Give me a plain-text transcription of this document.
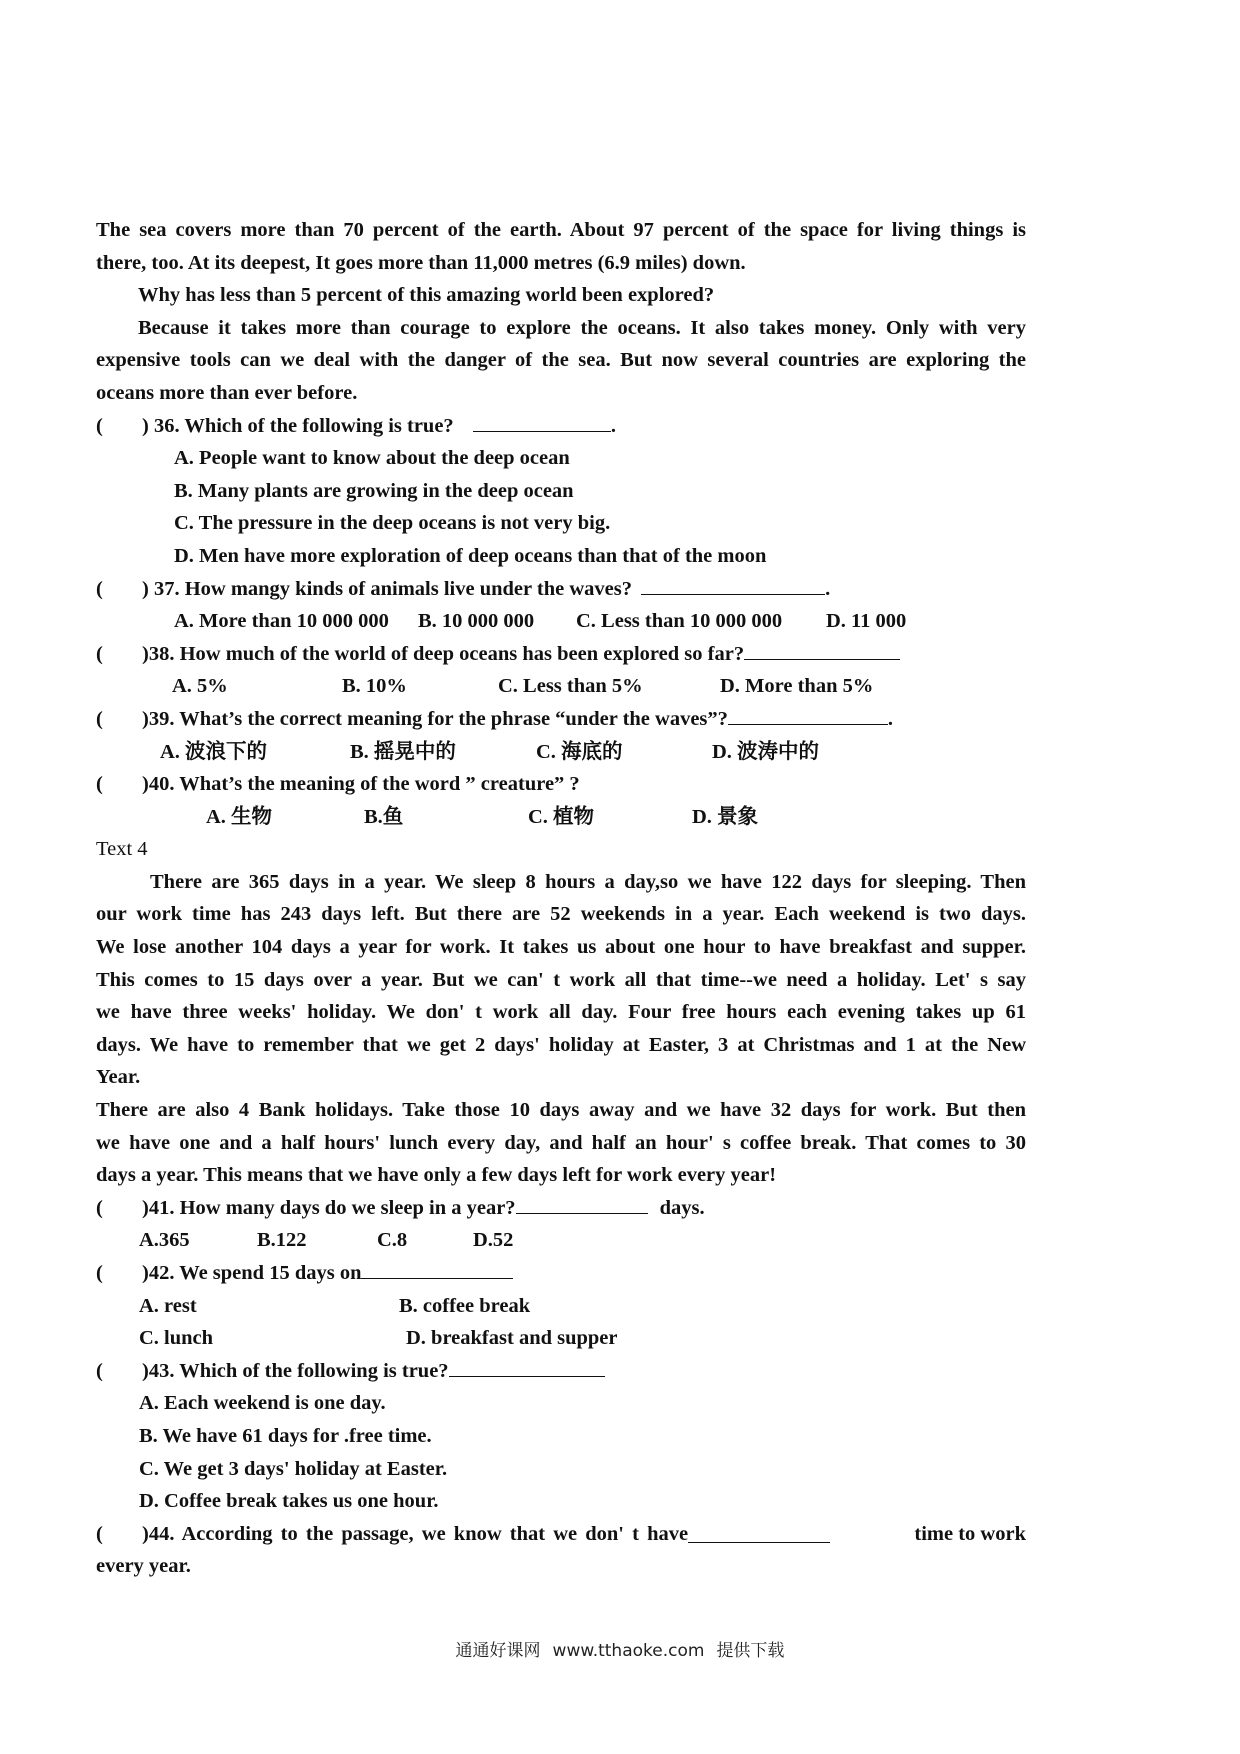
The sea covers more than 70 percent of the earth. About 97 percent of the space for living things is
there, too. At its deepest, It goes more than 11,000 metres (6.9 miles) down.
Why has less than 5 percent of this amazing world been explored?
Because it takes more than courage to explore the oceans. It also takes money. Only with very
expensive tools can we deal with the danger of the sea. But now several countries are exploring the
oceans more than ever before.
( ) 36. Which of the following is true?	.
A. People want to know about the deep ocean
B. Many plants are growing in the deep ocean
C. The pressure in the deep oceans is not very big.
D. Men have more exploration of deep oceans than that of the moon
( ) 37. How mangy kinds of animals live under the waves?	.
A. More than 10 000 000	B. 10 000 000	C. Less than 10 000 000	D. 11 000
( )38. How much of the world of deep oceans has been explored so far?
A. 5%	B. 10%	C. Less than 5%	D. More than 5%
( )39. What’s the correct meaning for the phrase “under the waves”?	.
A. 波浪下的	B. 摇晃中的	C. 海底的	D. 波涛中的
( )40. What’s the meaning of the word ” creature” ?
A. 生物	B.鱼	C. 植物	D. 景象
Text 4
There are 365 days in a year. We sleep 8 hours a day,so we have 122 days for sleeping. Then
our work time has 243 days left. But there are 52 weekends in a year. Each weekend is two days.
We lose another 104 days a year for work. It takes us about one hour to have breakfast and supper.
This comes to 15 days over a year. But we can' t work all that time--we need a holiday. Let' s say
we have three weeks' holiday. We don' t work all day. Four free hours each evening takes up 61
days. We have to remember that we get 2 days' holiday at Easter, 3 at Christmas and 1 at the New
Year.
There are also 4 Bank holidays. Take those 10 days away and we have 32 days for work. But then
we have one and a half hours' lunch every day, and half an hour' s coffee break. That comes to 30
days a year. This means that we have only a few days left for work every year!
( )41. How many days do we sleep in a year?	days.
A.365	B.122	C.8	D.52
( )42. We spend 15 days on
A. rest	B. coffee break
C. lunch	D. breakfast and supper
( )43. Which of the following is true?
A. Each weekend is one day.
B. We have 61 days for .free time.
C. We get 3 days' holiday at Easter.
D. Coffee break takes us one hour.
(	)44. According to the passage, we know that we don' t have	time to work
every year.
通通好课网 www.tthaoke.com 提供下载
